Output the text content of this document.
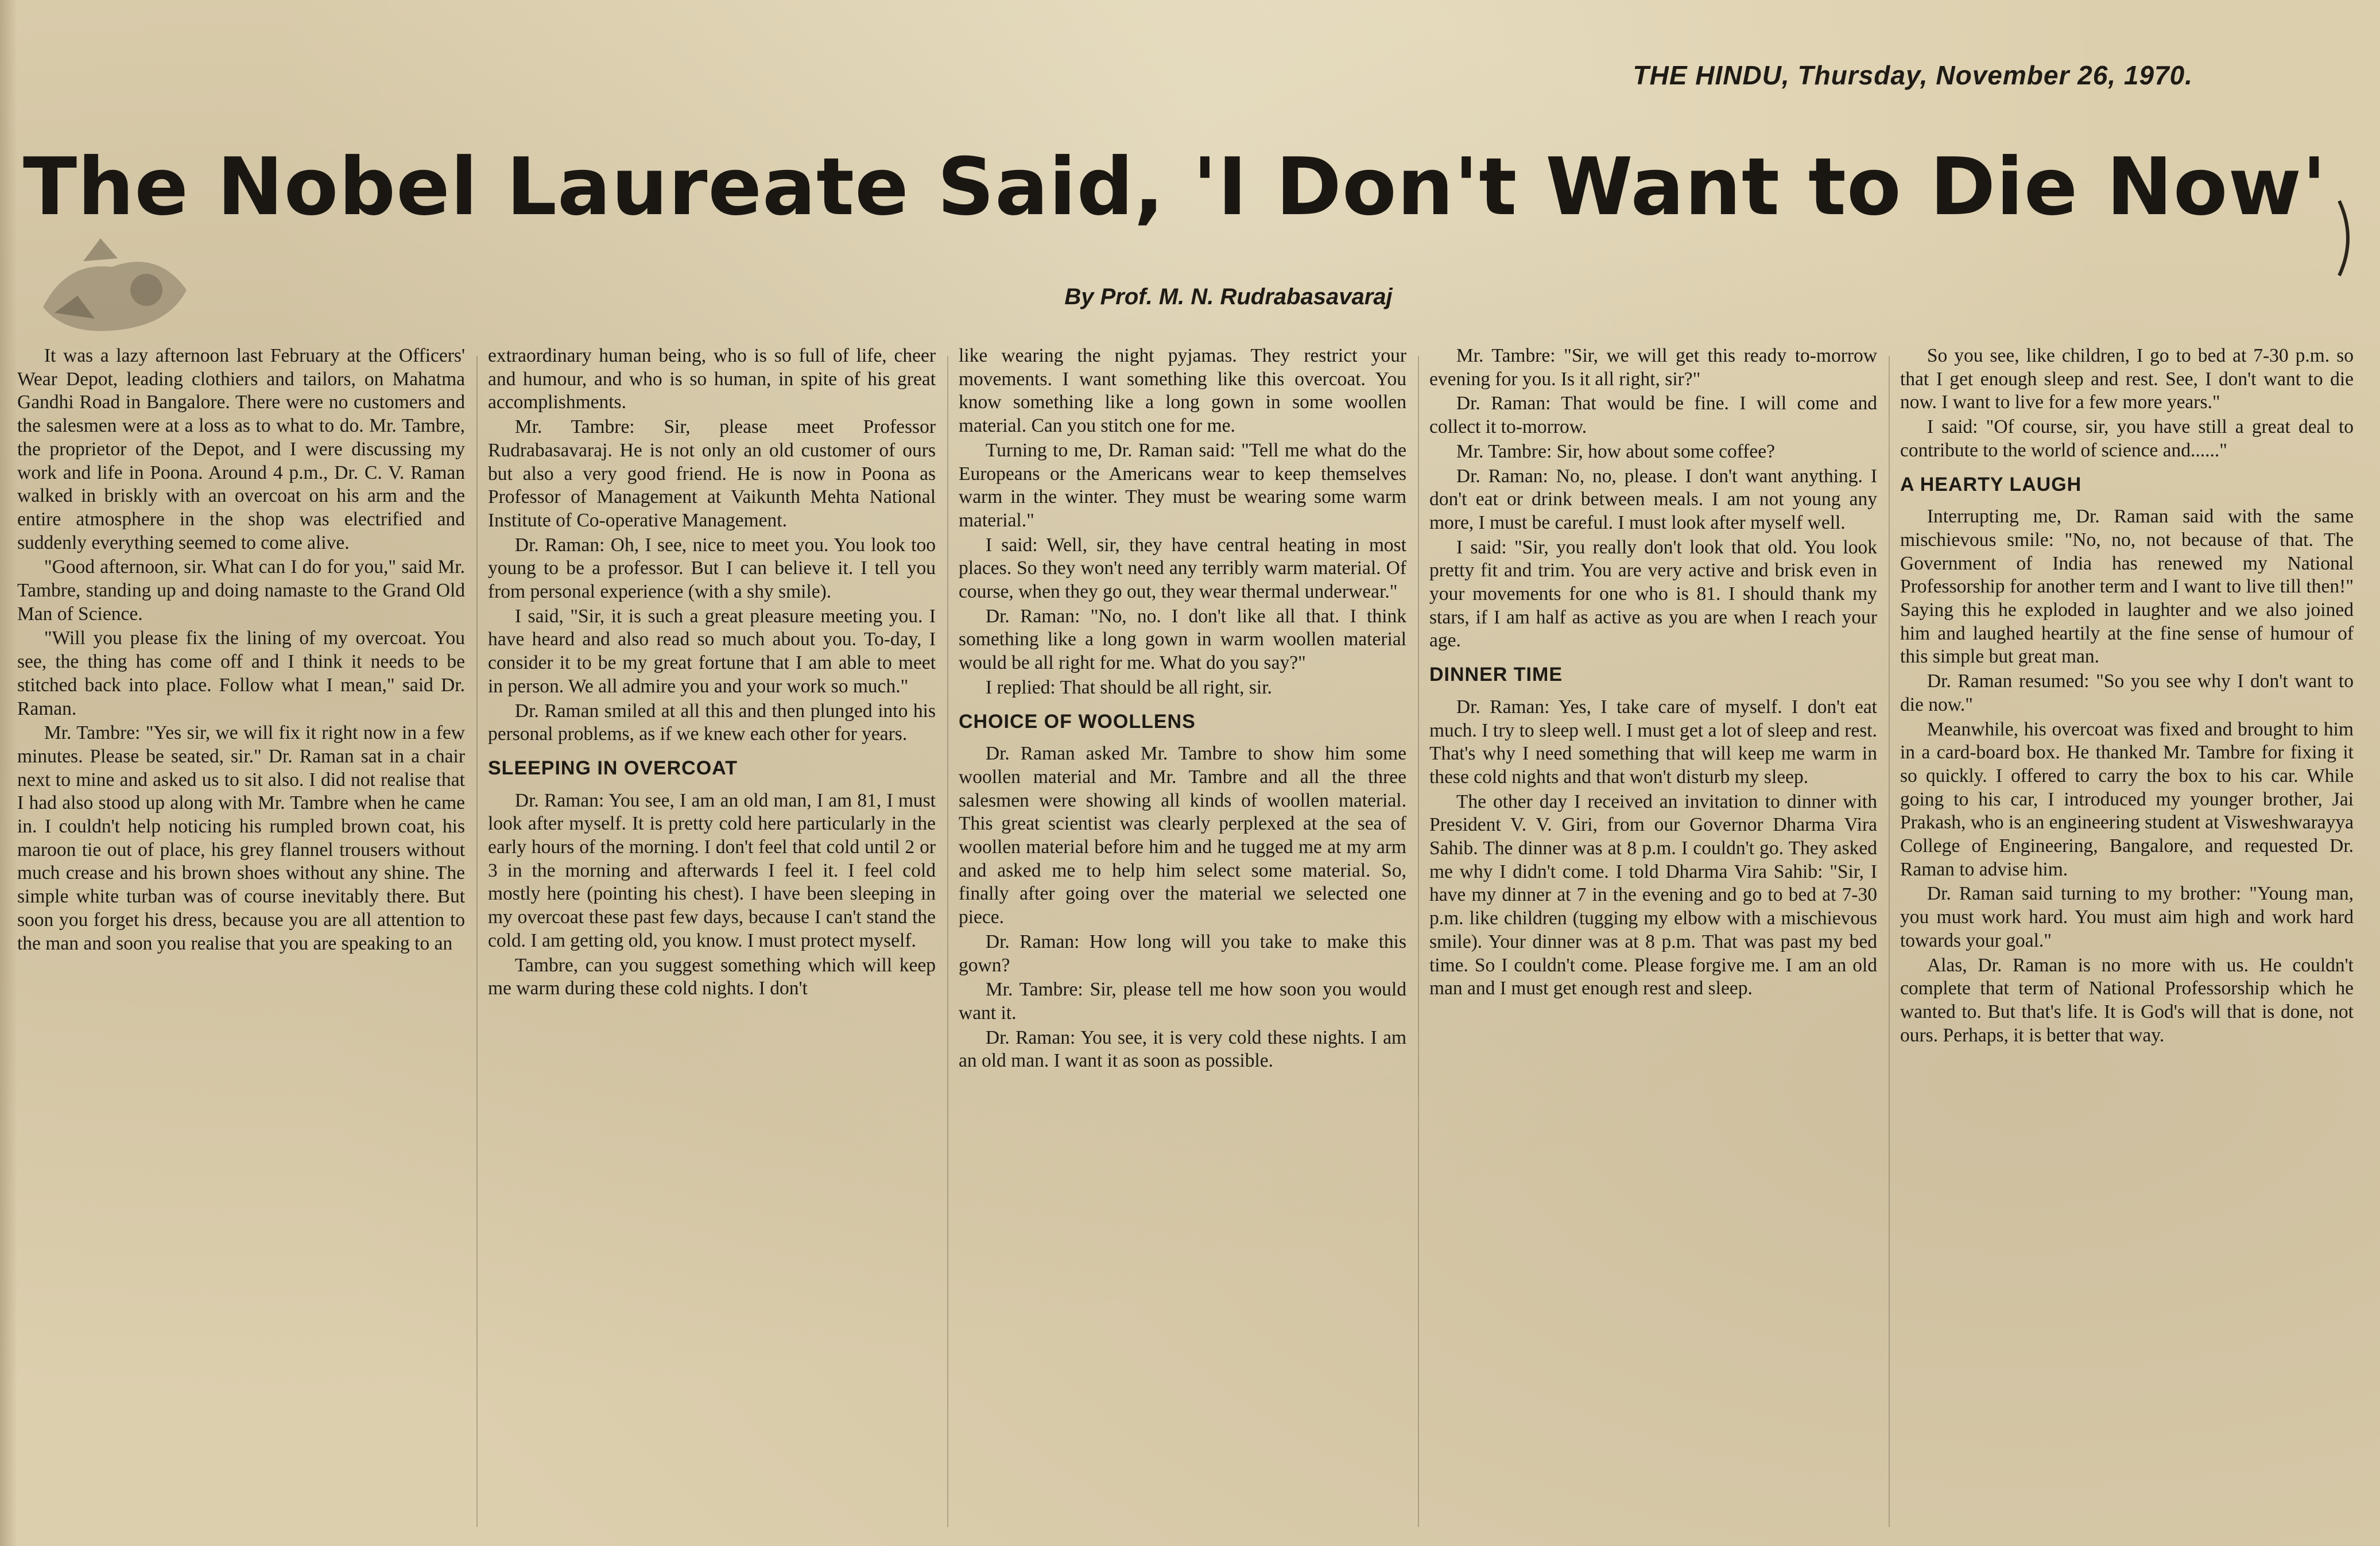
THE HINDU, Thursday, November 26, 1970.
The Nobel Laureate Said, 'I Don't Want to Die Now'
By Prof. M. N. Rudrabasavaraj

It was a lazy afternoon last February at the Officers' Wear Depot, leading clothiers and tailors, on Mahatma Gandhi Road in Bangalore. There were no customers and the salesmen were at a loss as to what to do. Mr. Tambre, the proprietor of the Depot, and I were discussing my work and life in Poona. Around 4 p.m., Dr. C. V. Raman walked in briskly with an overcoat on his arm and the entire atmosphere in the shop was electrified and suddenly everything seemed to come alive.

"Good afternoon, sir. What can I do for you," said Mr. Tambre, standing up and doing namaste to the Grand Old Man of Science.

"Will you please fix the lining of my overcoat. You see, the thing has come off and I think it needs to be stitched back into place. Follow what I mean," said Dr. Raman.

Mr. Tambre: "Yes sir, we will fix it right now in a few minutes. Please be seated, sir." Dr. Raman sat in a chair next to mine and asked us to sit also. I did not realise that I had also stood up along with Mr. Tambre when he came in. I couldn't help noticing his rumpled brown coat, his maroon tie out of place, his grey flannel trousers without much crease and his brown shoes without any shine. The simple white turban was of course inevitably there. But soon you forget his dress, because you are all attention to the man and soon you realise that you are speaking to an

extraordinary human being, who is so full of life, cheer and humour, and who is so human, in spite of his great accomplishments.

Mr. Tambre: Sir, please meet Professor Rudrabasavaraj. He is not only an old customer of ours but also a very good friend. He is now in Poona as Professor of Management at Vaikunth Mehta National Institute of Co-operative Management.

Dr. Raman: Oh, I see, nice to meet you. You look too young to be a professor. But I can believe it. I tell you from personal experience (with a shy smile).

I said, "Sir, it is such a great pleasure meeting you. I have heard and also read so much about you. To-day, I consider it to be my great fortune that I am able to meet in person. We all admire you and your work so much."

Dr. Raman smiled at all this and then plunged into his personal problems, as if we knew each other for years.

SLEEPING IN OVERCOAT

Dr. Raman: You see, I am an old man, I am 81, I must look after myself. It is pretty cold here particularly in the early hours of the morning. I don't feel that cold until 2 or 3 in the morning and afterwards I feel it. I feel cold mostly here (pointing his chest). I have been sleeping in my overcoat these past few days, because I can't stand the cold. I am getting old, you know. I must protect myself.

Tambre, can you suggest something which will keep me warm during these cold nights. I don't

like wearing the night pyjamas. They restrict your movements. I want something like this overcoat. You know something like a long gown in some woollen material. Can you stitch one for me.

Turning to me, Dr. Raman said: "Tell me what do the Europeans or the Americans wear to keep themselves warm in the winter. They must be wearing some warm material."

I said: Well, sir, they have central heating in most places. So they won't need any terribly warm material. Of course, when they go out, they wear thermal underwear."

Dr. Raman: "No, no. I don't like all that. I think something like a long gown in warm woollen material would be all right for me. What do you say?"

I replied: That should be all right, sir.

CHOICE OF WOOLLENS

Dr. Raman asked Mr. Tambre to show him some woollen material and Mr. Tambre and all the three salesmen were showing all kinds of woollen material. This great scientist was clearly perplexed at the sea of woollen material before him and he tugged me at my arm and asked me to help him select some material. So, finally after going over the material we selected one piece.

Dr. Raman: How long will you take to make this gown?

Mr. Tambre: Sir, please tell me how soon you would want it.

Dr. Raman: You see, it is very cold these nights. I am an old man. I want it as soon as possible.

Mr. Tambre: "Sir, we will get this ready to-morrow evening for you. Is it all right, sir?"

Dr. Raman: That would be fine. I will come and collect it to-morrow.

Mr. Tambre: Sir, how about some coffee?

Dr. Raman: No, no, please. I don't want anything. I don't eat or drink between meals. I am not young any more, I must be careful. I must look after myself well.

I said: "Sir, you really don't look that old. You look pretty fit and trim. You are very active and brisk even in your movements for one who is 81. I should thank my stars, if I am half as active as you are when I reach your age.

DINNER TIME

Dr. Raman: Yes, I take care of myself. I don't eat much. I try to sleep well. I must get a lot of sleep and rest. That's why I need something that will keep me warm in these cold nights and that won't disturb my sleep.

The other day I received an invitation to dinner with President V. V. Giri, from our Governor Dharma Vira Sahib. The dinner was at 8 p.m. I couldn't go. They asked me why I didn't come. I told Dharma Vira Sahib: "Sir, I have my dinner at 7 in the evening and go to bed at 7-30 p.m. like children (tugging my elbow with a mischievous smile). Your dinner was at 8 p.m. That was past my bed time. So I couldn't come. Please forgive me. I am an old man and I must get enough rest and sleep.

So you see, like children, I go to bed at 7-30 p.m. so that I get enough sleep and rest. See, I don't want to die now. I want to live for a few more years."

I said: "Of course, sir, you have still a great deal to contribute to the world of science and......"

A HEARTY LAUGH

Interrupting me, Dr. Raman said with the same mischievous smile: "No, no, not because of that. The Government of India has renewed my National Professorship for another term and I want to live till then!" Saying this he exploded in laughter and we also joined him and laughed heartily at the fine sense of humour of this simple but great man.

Dr. Raman resumed: "So you see why I don't want to die now."

Meanwhile, his overcoat was fixed and brought to him in a card-board box. He thanked Mr. Tambre for fixing it so quickly. I offered to carry the box to his car. While going to his car, I introduced my younger brother, Jai Prakash, who is an engineering student at Visweshwarayya College of Engineering, Bangalore, and requested Dr. Raman to advise him.

Dr. Raman said turning to my brother: "Young man, you must work hard. You must aim high and work hard towards your goal."

Alas, Dr. Raman is no more with us. He couldn't complete that term of National Professorship which he wanted to. But that's life. It is God's will that is done, not ours. Perhaps, it is better that way.
